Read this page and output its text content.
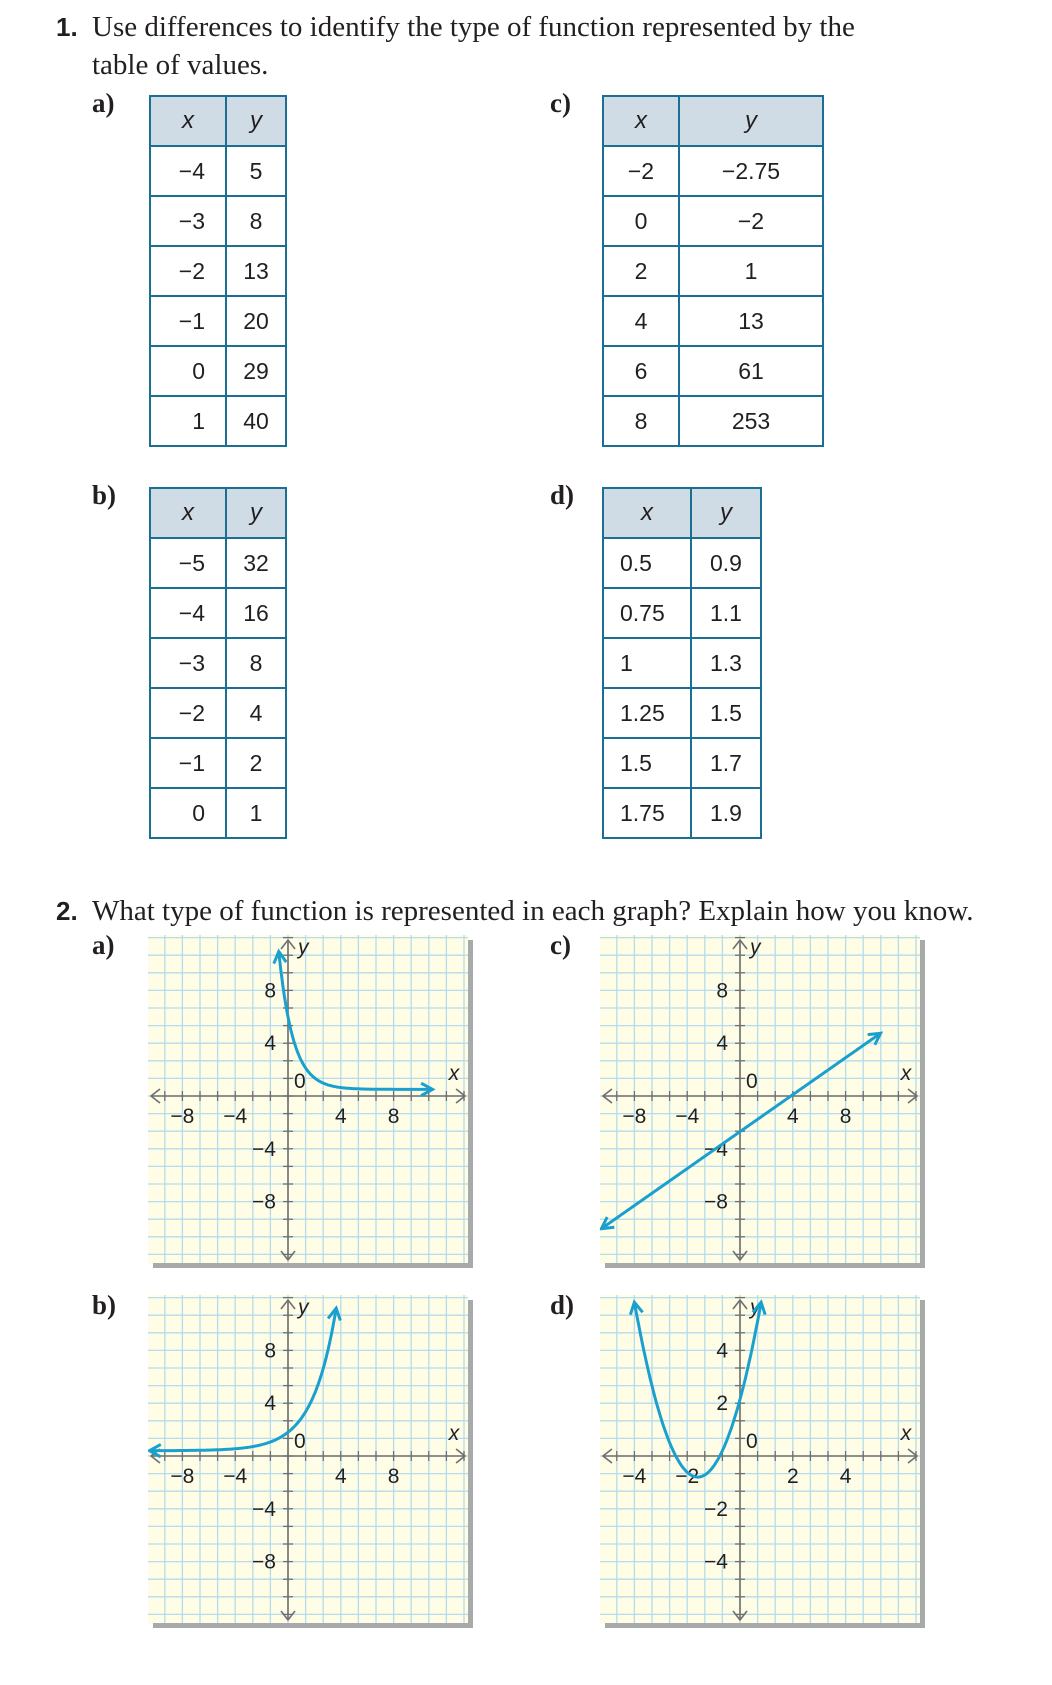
1. Use differences to identify the type of function represented by the
table of values.
a)
x	y
−4	5
−3	8
−2	13
−1	20
0	29
1	40
b)
x	y
−5	32
−4	16
−3	8
−2	4
−1	2
0	1
c)
x	y
−2	−2.75
0	−2
2	1
4	13
6	61
8	253
d)
x	y
0.5	0.9
0.75	1.1
1	1.3
1.25	1.5
1.5	1.7
1.75	1.9
2. What type of function is represented in each graph? Explain how you know.
a)	c)
b)	d)
−8 −4	4 8
8
4
−4
−8
0	x
y
−8 −4	4 8
8
4
−4
−8
0	x
y
−8 −4	4 8
8
4
−4
−8
0	x
y
−4 −2	2 4
4
2
−2
−4
0	x
y
